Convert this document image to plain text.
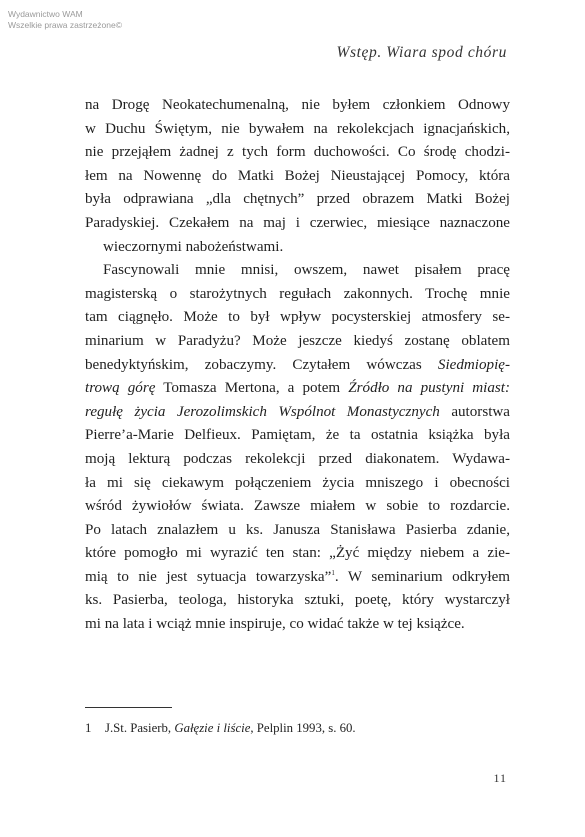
Wydawnictwo WAM
Wszelkie prawa zastrzeżone©
Wstęp. Wiara spod chóru
na Drogę Neokatechumenalną, nie byłem członkiem Odnowy
w Duchu Świętym, nie bywałem na rekolekcjach ignacjańskich,
nie przejąłem żadnej z tych form duchowości. Co środę chodzi-
łem na Nowennę do Matki Bożej Nieustającej Pomocy, która
była odprawiana „dla chętnych” przed obrazem Matki Bożej
Paradyskiej. Czekałem na maj i czerwiec, miesiące naznaczone
wieczornymi nabożeństwami.
Fascynowali mnie mnisi, owszem, nawet pisałem pracę
magisterską o starożytnych regułach zakonnych. Trochę mnie
tam ciągnęło. Może to był wpływ pocysterskiej atmosfery se-
minarium w Paradyżu? Może jeszcze kiedyś zostanę oblatem
benedyktyńskim, zobaczymy. Czytałem wówczas Siedmiopię-
trową górę Tomasza Mertona, a potem Źródło na pustyni miast:
regułę życia Jerozolimskich Wspólnot Monastycznych autorstwa
Pierre’a-Marie Delfieux. Pamiętam, że ta ostatnia książka była
moją lekturą podczas rekolekcji przed diakonatem. Wydawa-
ła mi się ciekawym połączeniem życia mniszego i obecności
wśród żywiołów świata. Zawsze miałem w sobie to rozdarcie.
Po latach znalazłem u ks. Janusza Stanisława Pasierba zdanie,
które pomogło mi wyrazić ten stan: „Żyć między niebem a zie-
mią to nie jest sytuacja towarzyska”$^1$. W seminarium odkryłem
ks. Pasierba, teologa, historyka sztuki, poetę, który wystarczył
mi na lata i wciąż mnie inspiruje, co widać także w tej książce.
1 J.St. Pasierb, Gałęzie i liście, Pelplin 1993, s. 60.
11
